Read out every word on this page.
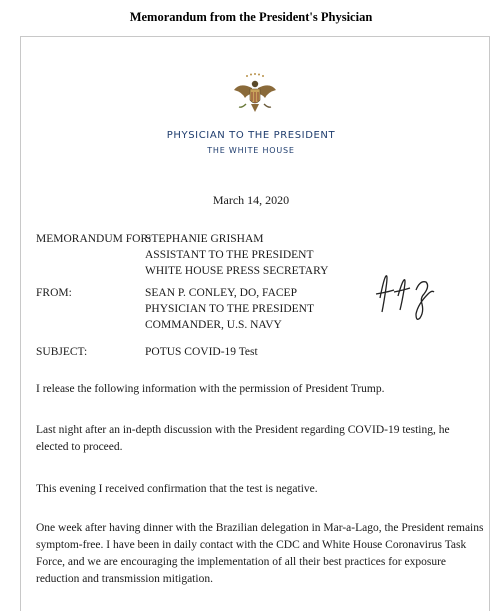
Memorandum from the President's Physician
PHYSICIAN TO THE PRESIDENT
THE WHITE HOUSE
March 14, 2020
MEMORANDUM FOR:
STEPHANIE GRISHAM
ASSISTANT TO THE PRESIDENT
WHITE HOUSE PRESS SECRETARY
FROM:	SEAN P. CONLEY, DO, FACEP
PHYSICIAN TO THE PRESIDENT
COMMANDER, U.S. NAVY
SUBJECT:	POTUS COVID-19 Test
I release the following information with the permission of President Trump.
Last night after an in-depth discussion with the President regarding COVID-19 testing, he elected to proceed.
This evening I received confirmation that the test is negative.
One week after having dinner with the Brazilian delegation in Mar-a-Lago, the President remains symptom-free. I have been in daily contact with the CDC and White House Coronavirus Task Force, and we are encouraging the implementation of all their best practices for exposure reduction and transmission mitigation.
